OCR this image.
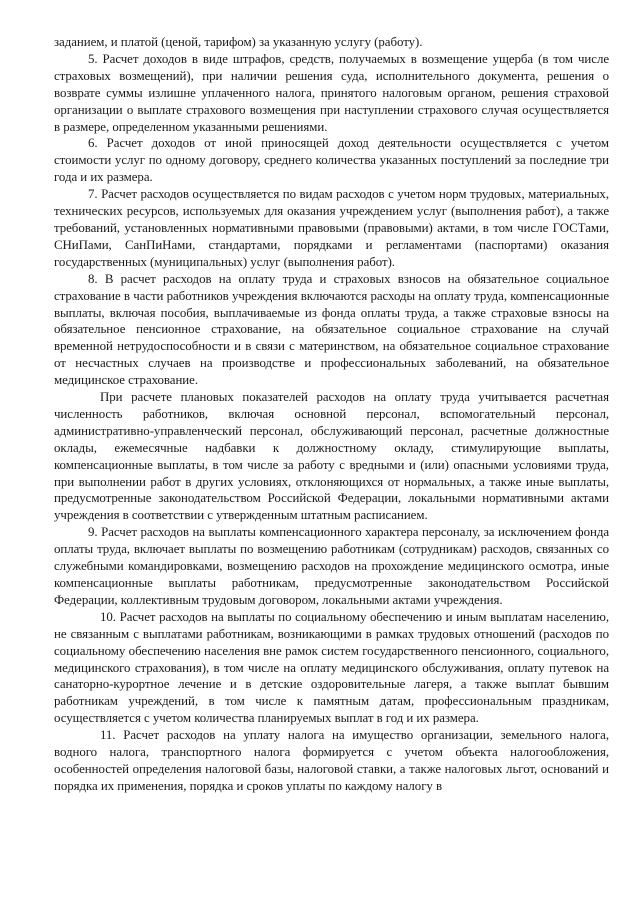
заданием, и платой (ценой, тарифом) за указанную услугу (работу).

5. Расчет доходов в виде штрафов, средств, получаемых в возмещение ущерба (в том числе страховых возмещений), при наличии решения суда, исполнительного документа, решения о возврате суммы излишне уплаченного налога, принятого налоговым органом, решения страховой организации о выплате страхового возмещения при наступлении страхового случая осуществляется в размере, определенном указанными решениями.

6. Расчет доходов от иной приносящей доход деятельности осуществляется с учетом стоимости услуг по одному договору, среднего количества указанных поступлений за последние три года и их размера.

7. Расчет расходов осуществляется по видам расходов с учетом норм трудовых, материальных, технических ресурсов, используемых для оказания учреждением услуг (выполнения работ), а также требований, установленных нормативными правовыми (правовыми) актами, в том числе ГОСТами, СНиПами, СанПиНами, стандартами, порядками и регламентами (паспортами) оказания государственных (муниципальных) услуг (выполнения работ).

8. В расчет расходов на оплату труда и страховых взносов на обязательное социальное страхование в части работников учреждения включаются расходы на оплату труда, компенсационные выплаты, включая пособия, выплачиваемые из фонда оплаты труда, а также страховые взносы на обязательное пенсионное страхование, на обязательное социальное страхование на случай временной нетрудоспособности и в связи с материнством, на обязательное социальное страхование от несчастных случаев на производстве и профессиональных заболеваний, на обязательное медицинское страхование.

При расчете плановых показателей расходов на оплату труда учитывается расчетная численность работников, включая основной персонал, вспомогательный персонал, административно-управленческий персонал, обслуживающий персонал, расчетные должностные оклады, ежемесячные надбавки к должностному окладу, стимулирующие выплаты, компенсационные выплаты, в том числе за работу с вредными и (или) опасными условиями труда, при выполнении работ в других условиях, отклоняющихся от нормальных, а также иные выплаты, предусмотренные законодательством Российской Федерации, локальными нормативными актами учреждения в соответствии с утвержденным штатным расписанием.

9. Расчет расходов на выплаты компенсационного характера персоналу, за исключением фонда оплаты труда, включает выплаты по возмещению работникам (сотрудникам) расходов, связанных со служебными командировками, возмещению расходов на прохождение медицинского осмотра, иные компенсационные выплаты работникам, предусмотренные законодательством Российской Федерации, коллективным трудовым договором, локальными актами учреждения.

10. Расчет расходов на выплаты по социальному обеспечению и иным выплатам населению, не связанным с выплатами работникам, возникающими в рамках трудовых отношений (расходов по социальному обеспечению населения вне рамок систем государственного пенсионного, социального, медицинского страхования), в том числе на оплату медицинского обслуживания, оплату путевок на санаторно-курортное лечение и в детские оздоровительные лагеря, а также выплат бывшим работникам учреждений, в том числе к памятным датам, профессиональным праздникам, осуществляется с учетом количества планируемых выплат в год и их размера.

11. Расчет расходов на уплату налога на имущество организации, земельного налога, водного налога, транспортного налога формируется с учетом объекта налогообложения, особенностей определения налоговой базы, налоговой ставки, а также налоговых льгот, оснований и порядка их применения, порядка и сроков уплаты по каждому налогу в
